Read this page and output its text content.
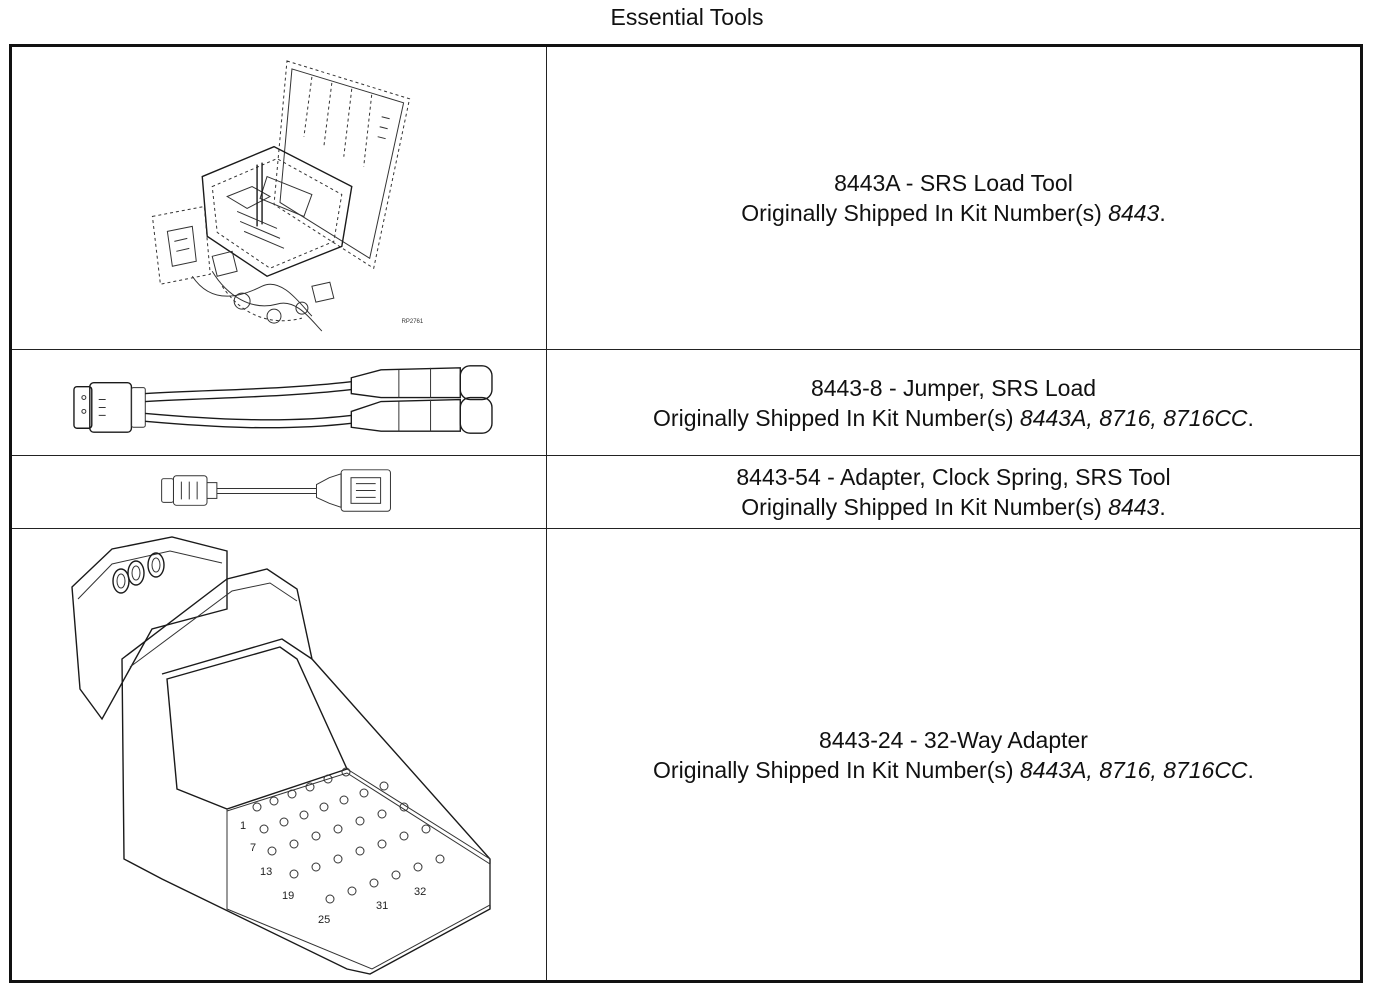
Essential Tools
RP2761
8443A - SRS Load Tool
Originally Shipped In Kit Number(s) 8443.
8443-8 - Jumper, SRS Load
Originally Shipped In Kit Number(s) 8443A, 8716, 8716CC.
8443-54 - Adapter, Clock Spring, SRS Tool
Originally Shipped In Kit Number(s) 8443.
1
7
13
19
25
31
32
8443-24 - 32-Way Adapter
Originally Shipped In Kit Number(s) 8443A, 8716, 8716CC.
